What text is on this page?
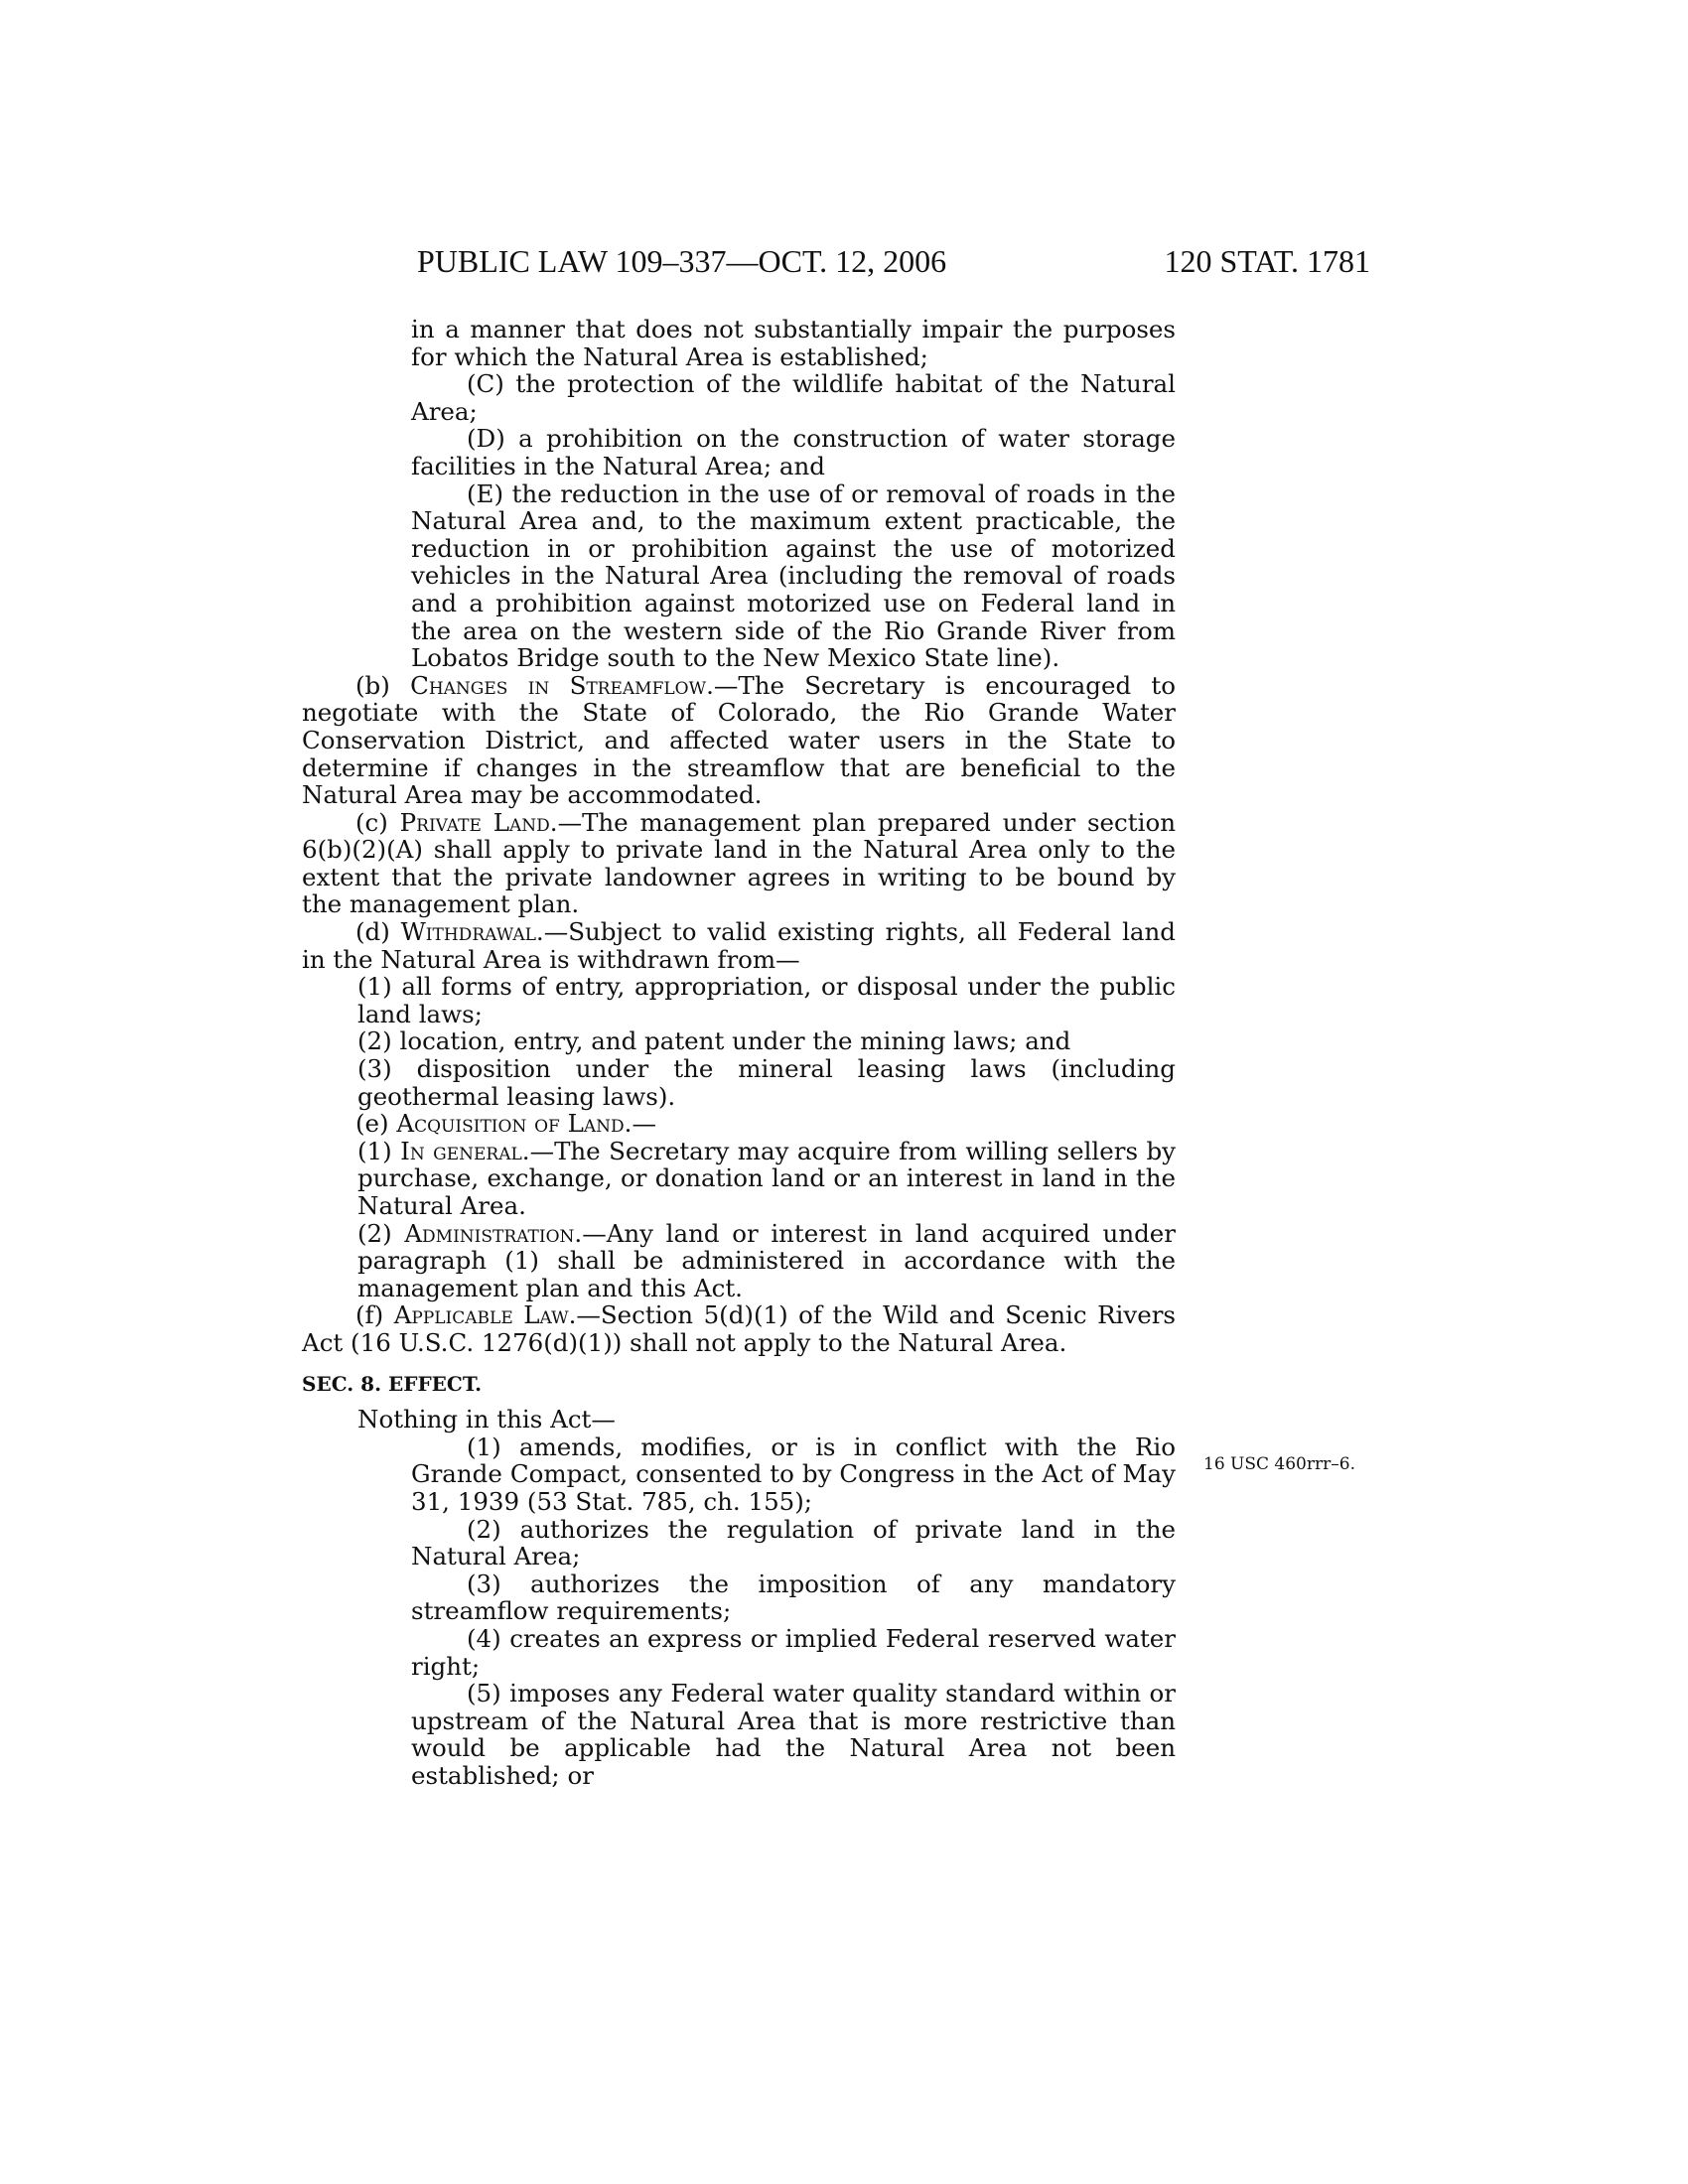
PUBLIC LAW 109–337—OCT. 12, 2006	120 STAT. 1781

in a manner that does not substantially impair the purposes for which the Natural Area is established;

(C) the protection of the wildlife habitat of the Natural Area;

(D) a prohibition on the construction of water storage facilities in the Natural Area; and

(E) the reduction in the use of or removal of roads in the Natural Area and, to the maximum extent practicable, the reduction in or prohibition against the use of motorized vehicles in the Natural Area (including the removal of roads and a prohibition against motorized use on Federal land in the area on the western side of the Rio Grande River from Lobatos Bridge south to the New Mexico State line).

(b) Changes in Streamflow.—The Secretary is encouraged to negotiate with the State of Colorado, the Rio Grande Water Conservation District, and affected water users in the State to determine if changes in the streamflow that are beneficial to the Natural Area may be accommodated.

(c) Private Land.—The management plan prepared under section 6(b)(2)(A) shall apply to private land in the Natural Area only to the extent that the private landowner agrees in writing to be bound by the management plan.

(d) Withdrawal.—Subject to valid existing rights, all Federal land in the Natural Area is withdrawn from—

(1) all forms of entry, appropriation, or disposal under the public land laws;

(2) location, entry, and patent under the mining laws; and

(3) disposition under the mineral leasing laws (including geothermal leasing laws).

(e) Acquisition of Land.—

(1) In general.—The Secretary may acquire from willing sellers by purchase, exchange, or donation land or an interest in land in the Natural Area.

(2) Administration.—Any land or interest in land acquired under paragraph (1) shall be administered in accordance with the management plan and this Act.

(f) Applicable Law.—Section 5(d)(1) of the Wild and Scenic Rivers Act (16 U.S.C. 1276(d)(1)) shall not apply to the Natural Area.

SEC. 8. EFFECT.

Nothing in this Act—

(1) amends, modifies, or is in conflict with the Rio Grande Compact, consented to by Congress in the Act of May 31, 1939 (53 Stat. 785, ch. 155);

(2) authorizes the regulation of private land in the Natural Area;

(3) authorizes the imposition of any mandatory streamflow requirements;

(4) creates an express or implied Federal reserved water right;

(5) imposes any Federal water quality standard within or upstream of the Natural Area that is more restrictive than would be applicable had the Natural Area not been established; or

16 USC 460rrr–6.
